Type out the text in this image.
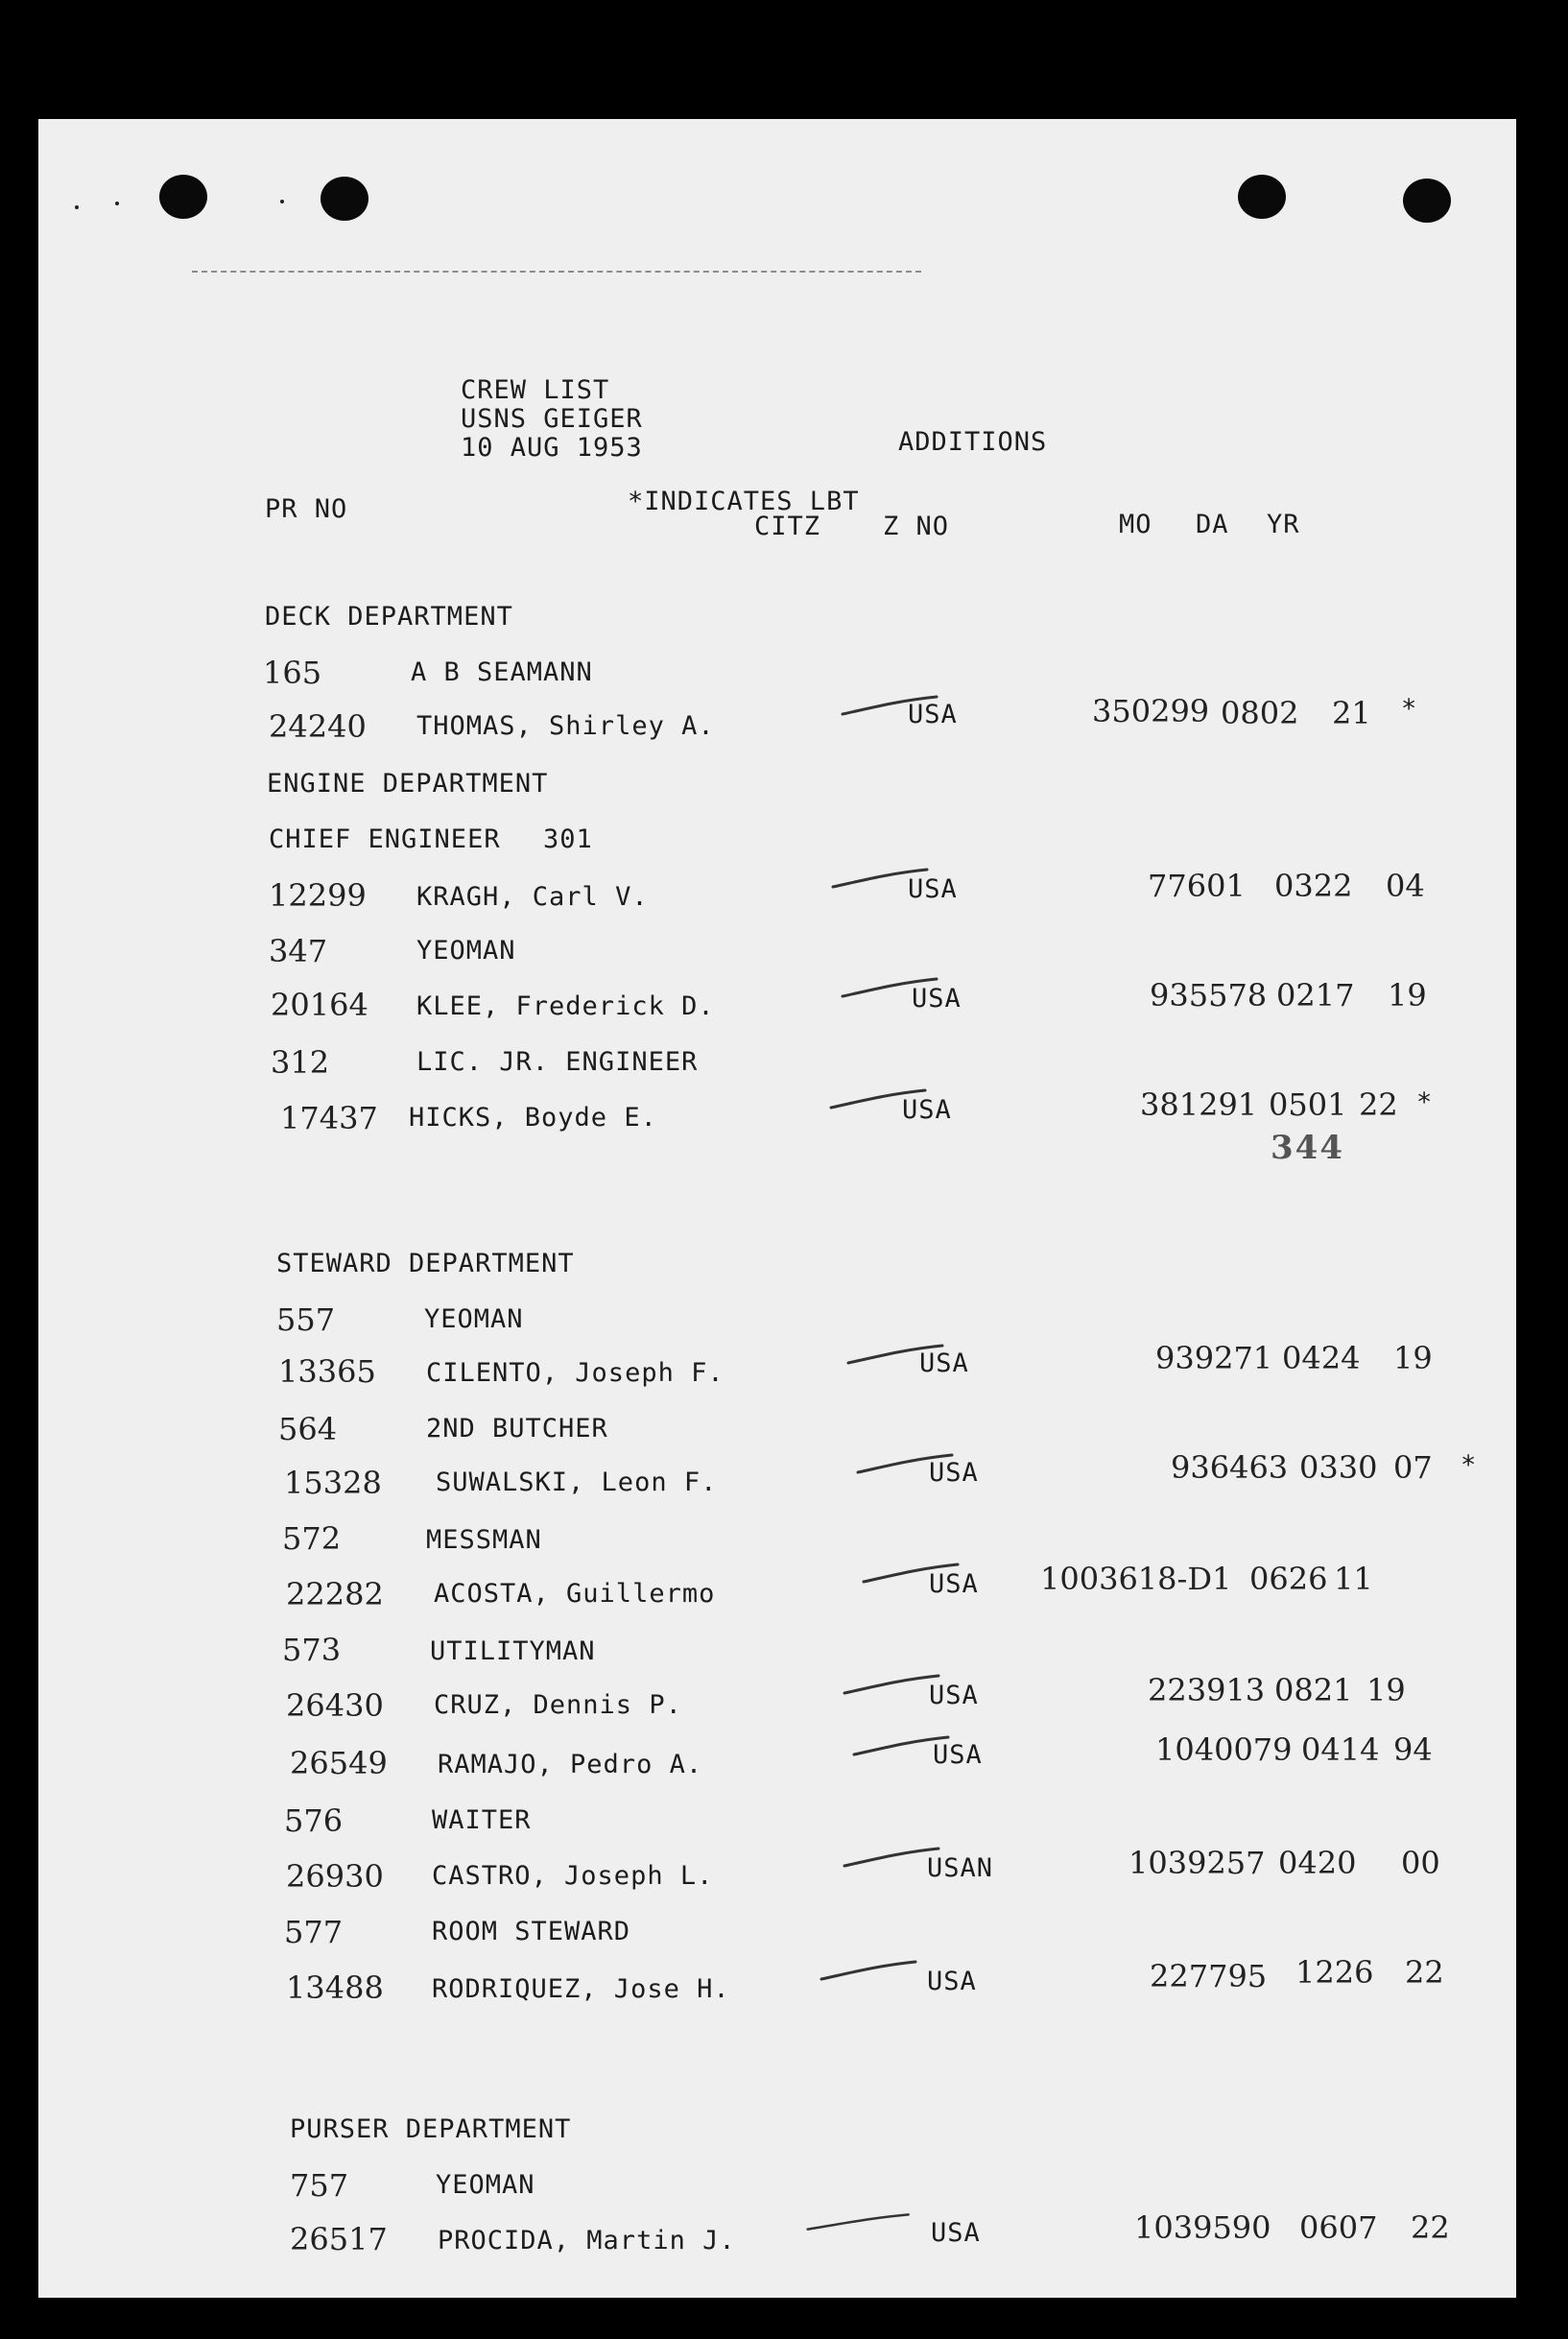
CREW LIST
USNS GEIGER
10 AUG 1953	ADDITIONS
PR NO	*INDICATES LBT
CITZ Z NO	MO DA YR
DECK DEPARTMENT
165	A B SEAMANN
24240 THOMAS, Shirley A.	USA	350299 0802 21 *
ENGINE DEPARTMENT
CHIEF ENGINEER 301
12299 KRAGH, Carl V.	USA	77601 0322 04
347	YEOMAN
20164 KLEE, Frederick D.	USA	935578 0217 19
312	LIC. JR. ENGINEER
17437 HICKS, Boyde E.	USA	381291 0501 22 *
344
STEWARD DEPARTMENT
557	YEOMAN
13365 CILENTO, Joseph F.	USA	939271 0424 19
564	2ND BUTCHER
15328 SUWALSKI, Leon F.	USA	936463 0330 07 *
572	MESSMAN
22282 ACOSTA, Guillermo	USA 1003618-D1 0626 11
573	UTILITYMAN
26430 CRUZ, Dennis P.	USA	223913 0821 19
26549 RAMAJO, Pedro A.	USA	1040079 0414 94
576	WAITER
26930 CASTRO, Joseph L.	USAN	1039257 0420 00
577	ROOM STEWARD
13488 RODRIQUEZ, Jose H.	USA	227795 1226 22
PURSER DEPARTMENT
757	YEOMAN
26517 PROCIDA, Martin J.	USA	1039590 0607 22
